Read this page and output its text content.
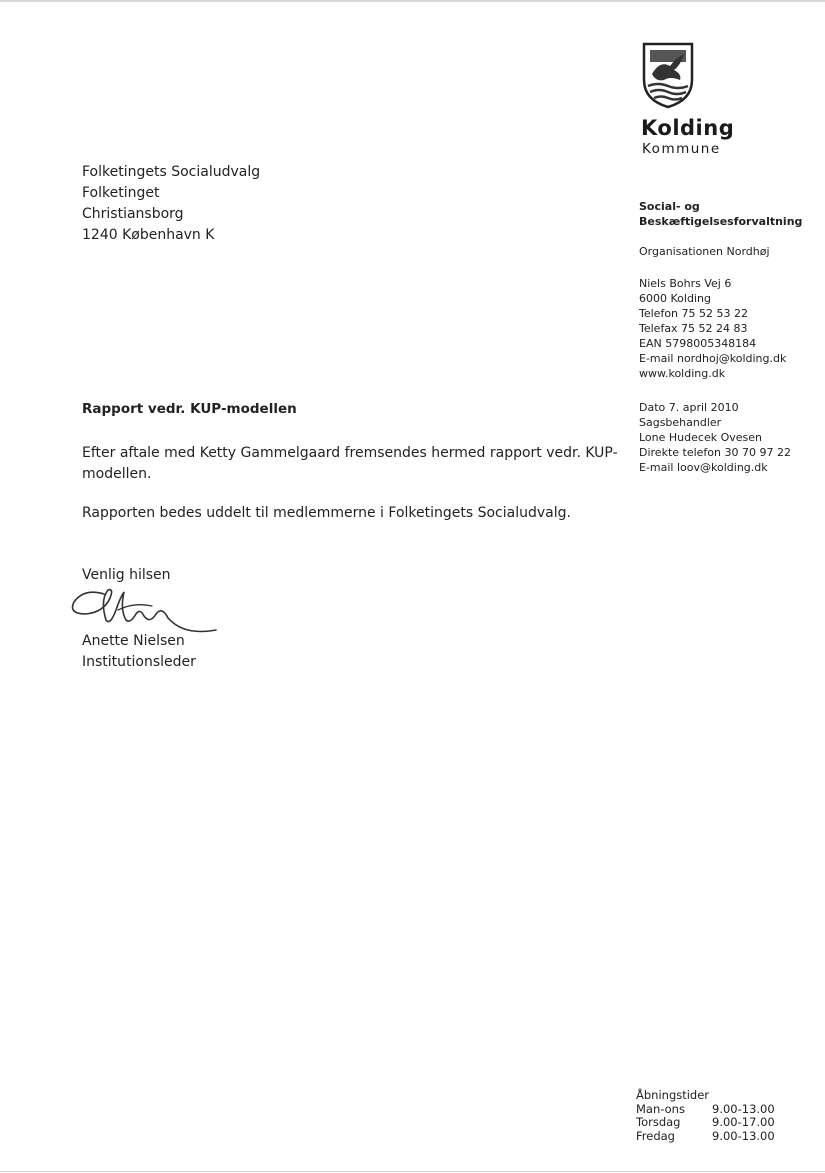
Kolding
Kommune
Folketingets Socialudvalg
Folketinget
Christiansborg
1240 København K
Social- og
Beskæftigelsesforvaltning
Organisationen Nordhøj
Niels Bohrs Vej 6
6000 Kolding
Telefon 75 52 53 22
Telefax 75 52 24 83
EAN 5798005348184
E-mail nordhoj@kolding.dk
www.kolding.dk
Dato 7. april 2010
Sagsbehandler
Lone Hudecek Ovesen
Direkte telefon 30 70 97 22
E-mail loov@kolding.dk
Rapport vedr. KUP-modellen
Efter aftale med Ketty Gammelgaard fremsendes hermed rapport vedr. KUP-modellen.
Rapporten bedes uddelt til medlemmerne i Folketingets Socialudvalg.
Venlig hilsen
Anette Nielsen
Institutionsleder
Åbningstider
Man-ons	9.00-13.00
Torsdag	9.00-17.00
Fredag	9.00-13.00
